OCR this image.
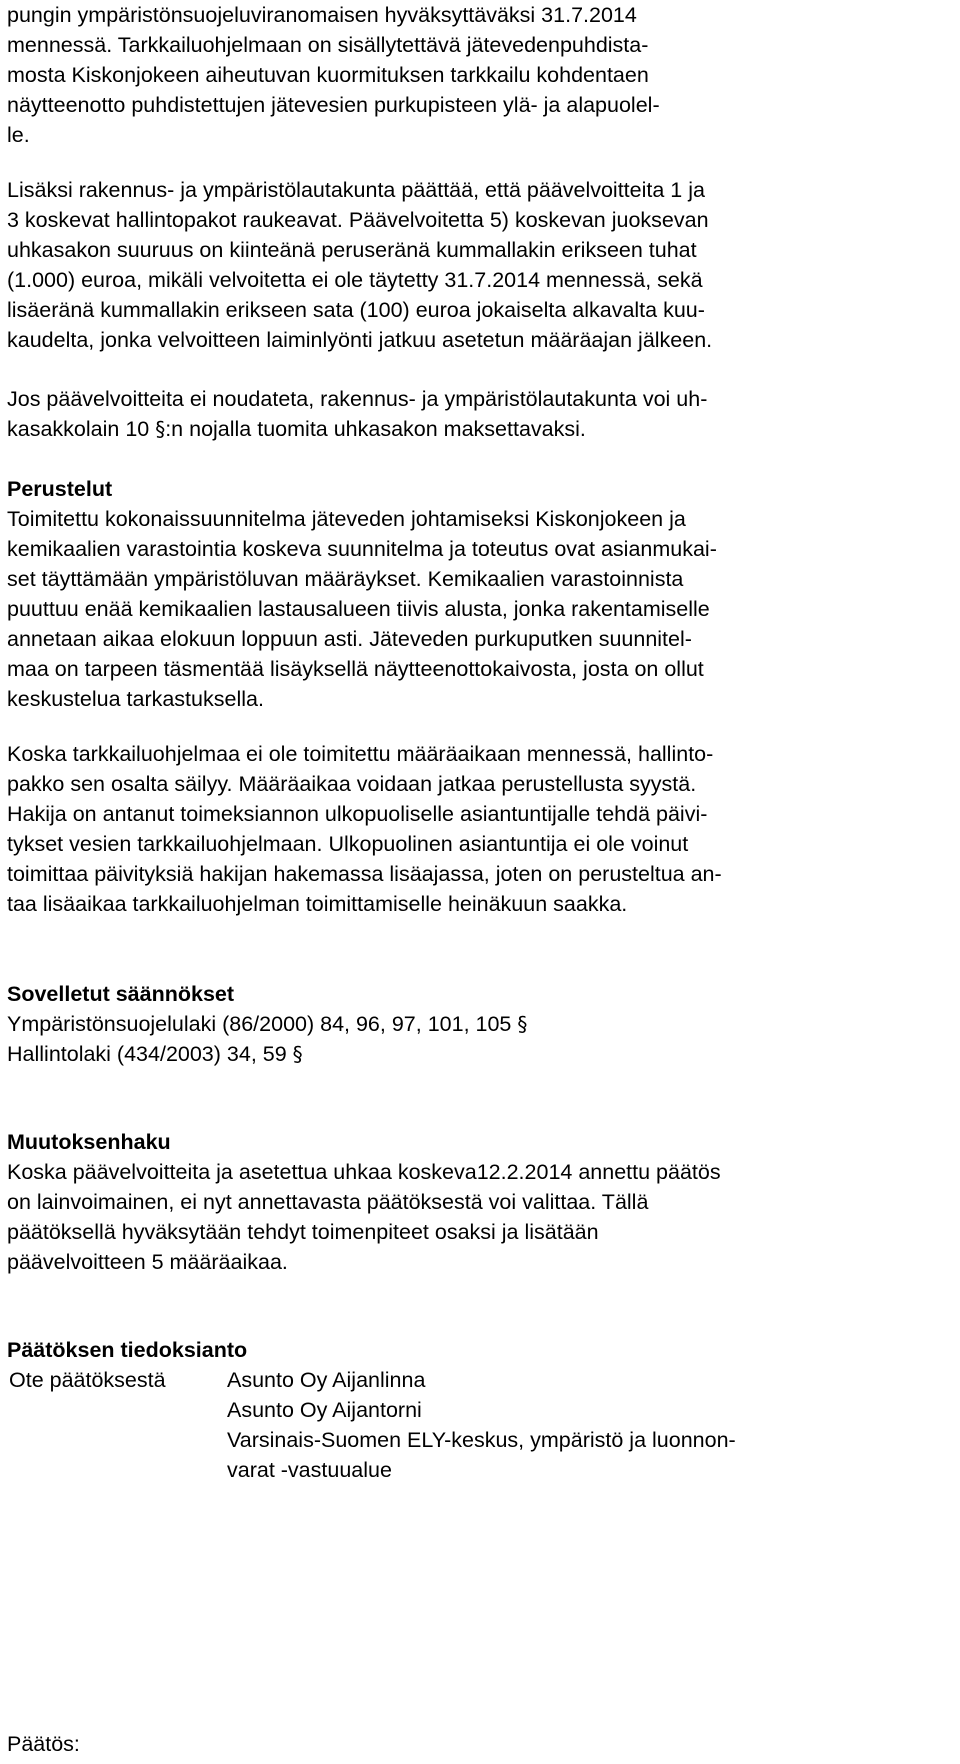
pungin ympäristönsuojeluviranomaisen hyväksyttäväksi 31.7.2014
mennessä. Tarkkailuohjelmaan on sisällytettävä jätevedenpuhdista-
mosta Kiskonjokeen aiheutuvan kuormituksen tarkkailu kohdentaen
näytteenotto puhdistettujen jätevesien purkupisteen ylä- ja alapuolel-
le.
Lisäksi rakennus- ja ympäristölautakunta päättää, että päävelvoitteita 1 ja
3 koskevat hallintopakot raukeavat. Päävelvoitetta 5) koskevan juoksevan
uhkasakon suuruus on kiinteänä peruseränä kummallakin erikseen tuhat
(1.000) euroa, mikäli velvoitetta ei ole täytetty 31.7.2014 mennessä, sekä
lisäeränä kummallakin erikseen sata (100) euroa jokaiselta alkavalta kuu-
kaudelta, jonka velvoitteen laiminlyönti jatkuu asetetun määräajan jälkeen.
Jos päävelvoitteita ei noudateta, rakennus- ja ympäristölautakunta voi uh-
kasakkolain 10 §:n nojalla tuomita uhkasakon maksettavaksi.
Perustelut
Toimitettu kokonaissuunnitelma jäteveden johtamiseksi Kiskonjokeen ja
kemikaalien varastointia koskeva suunnitelma ja toteutus ovat asianmukai-
set täyttämään ympäristöluvan määräykset. Kemikaalien varastoinnista
puuttuu enää kemikaalien lastausalueen tiivis alusta, jonka rakentamiselle
annetaan aikaa elokuun loppuun asti. Jäteveden purkuputken suunnitel-
maa on tarpeen täsmentää lisäyksellä näytteenottokaivosta, josta on ollut
keskustelua tarkastuksella.
Koska tarkkailuohjelmaa ei ole toimitettu määräaikaan mennessä, hallinto-
pakko sen osalta säilyy. Määräaikaa voidaan jatkaa perustellusta syystä.
Hakija on antanut toimeksiannon ulkopuoliselle asiantuntijalle tehdä päivi-
tykset vesien tarkkailuohjelmaan. Ulkopuolinen asiantuntija ei ole voinut
toimittaa päivityksiä hakijan hakemassa lisäajassa, joten on perusteltua an-
taa lisäaikaa tarkkailuohjelman toimittamiselle heinäkuun saakka.
Sovelletut säännökset
Ympäristönsuojelulaki (86/2000) 84, 96, 97, 101, 105 §
Hallintolaki (434/2003) 34, 59 §
Muutoksenhaku
Koska päävelvoitteita ja asetettua uhkaa koskeva12.2.2014 annettu päätös
on lainvoimainen, ei nyt annettavasta päätöksestä voi valittaa. Tällä
päätöksellä hyväksytään tehdyt toimenpiteet osaksi ja lisätään
päävelvoitteen 5 määräaikaa.
Päätöksen tiedoksianto
Ote päätöksestä	Asunto Oy Aijanlinna
Asunto Oy Aijantorni
Varsinais-Suomen ELY-keskus, ympäristö ja luonnon-
varat -vastuualue
Päätös:
